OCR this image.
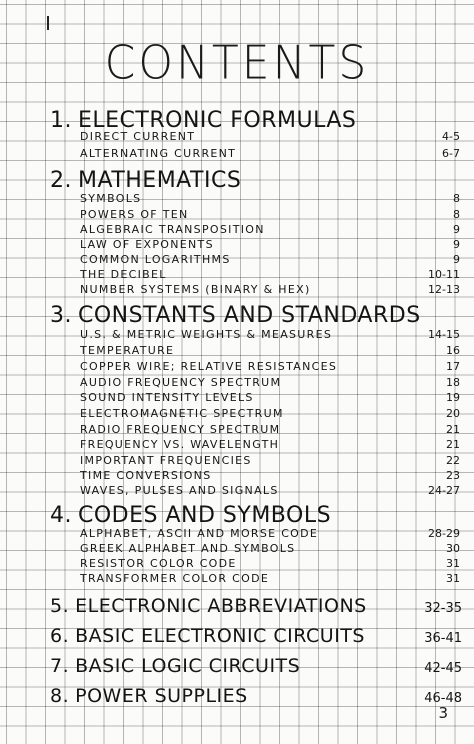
CONTENTS
1. ELECTRONIC FORMULAS
DIRECT CURRENT	4-5
ALTERNATING CURRENT	6-7
2. MATHEMATICS
SYMBOLS	8
POWERS OF TEN	8
ALGEBRAIC TRANSPOSITION	9
LAW OF EXPONENTS	9
COMMON LOGARITHMS	9
THE DECIBEL	10-11
NUMBER SYSTEMS (BINARY & HEX)	12-13
3. CONSTANTS AND STANDARDS
U.S. & METRIC WEIGHTS & MEASURES	14-15
TEMPERATURE	16
COPPER WIRE; RELATIVE RESISTANCES	17
AUDIO FREQUENCY SPECTRUM	18
SOUND INTENSITY LEVELS	19
ELECTROMAGNETIC SPECTRUM	20
RADIO FREQUENCY SPECTRUM	21
FREQUENCY VS. WAVELENGTH	21
IMPORTANT FREQUENCIES	22
TIME CONVERSIONS	23
WAVES, PULSES AND SIGNALS	24-27
4. CODES AND SYMBOLS
ALPHABET, ASCII AND MORSE CODE	28-29
GREEK ALPHABET AND SYMBOLS	30
RESISTOR COLOR CODE	31
TRANSFORMER COLOR CODE	31
5. ELECTRONIC ABBREVIATIONS	32-35
6. BASIC ELECTRONIC CIRCUITS	36-41
7. BASIC LOGIC CIRCUITS	42-45
8. POWER SUPPLIES	46-48
3
